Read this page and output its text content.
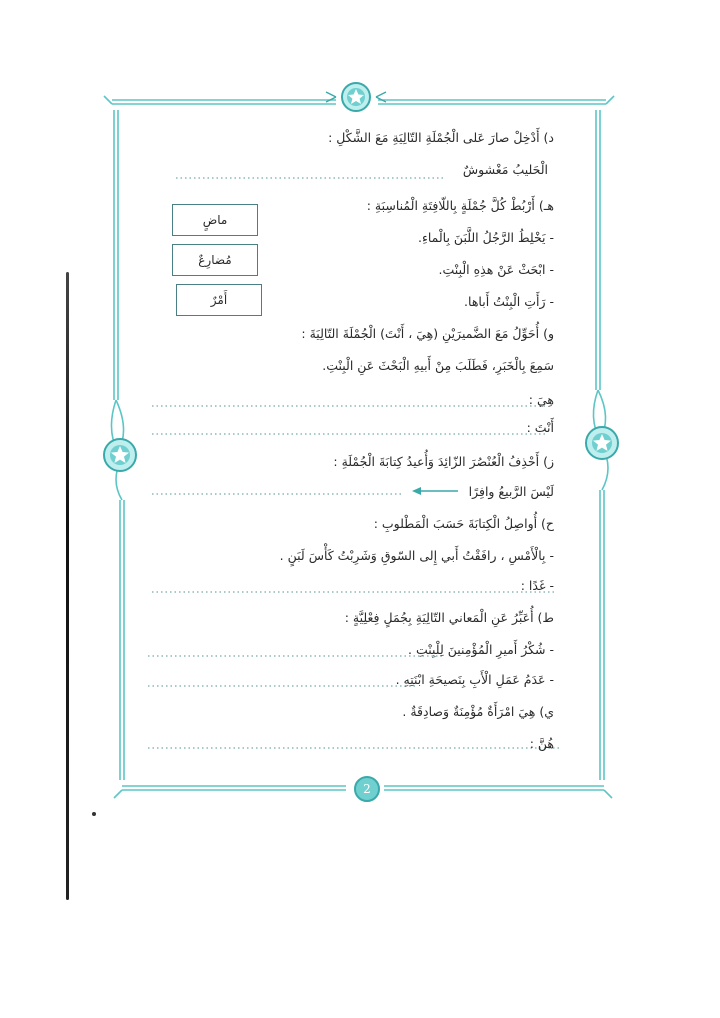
د) أَدْخِلْ صارَ عَلى الْجُمْلَةِ التّالِيَةِ مَعَ الشَّكْلِ :
الْحَليبُ مَغْشوشٌ
هـ) أَرْبُطْ كُلَّ جُمْلَةٍ بِاللّافِتَةِ الْمُناسِبَةِ :
- يَخْلِطُ الرَّجُلُ اللَّبَنَ بِالْماءِ.
- ابْحَثْ عَنْ هذِهِ الْبِنْتِ.
- رَأَتِ الْبِنْتُ أَباها.
ماضٍ
مُضارِعٌ
أَمْرٌ
و) أُحَوِّلُ مَعَ الضَّميرَيْنِ (هِيَ ، أَنْتَ) الْجُمْلَةَ التّالِيَةَ :
سَمِعَ بِالْخَبَرِ، فَطَلَبَ مِنْ أَبيهِ الْبَحْثَ عَنِ الْبِنْتِ.
هِيَ :
أَنْتَ :
ز) أَحْذِفُ الْعُنْصُرَ الزّائِدَ وَأُعيدُ كِتابَةَ الْجُمْلَةِ :
لَيْسَ الرَّبيعُ وافِرًا
ح) أُواصِلُ الْكِتابَةَ حَسَبَ الْمَطْلوبِ :
- بِالْأَمْسِ ، رافَقْتُ أَبي إِلى السّوقِ وَشَرِبْتُ كَأْسَ لَبَنٍ .
- غَدًا :
ط) أُعَبِّرُ عَنِ الْمَعاني التّالِيَةِ بِجُمَلٍ فِعْلِيَّةٍ :
- شُكْرُ أَميرِ الْمُؤْمِنينَ لِلْبِنْتِ .
- عَدَمُ عَمَلِ الْأَبِ بِنَصيحَةِ ابْنَتِهِ .
ي) هِيَ امْرَأَةٌ مُؤْمِنَةٌ وَصادِقَةٌ .
هُنَّ :
2
